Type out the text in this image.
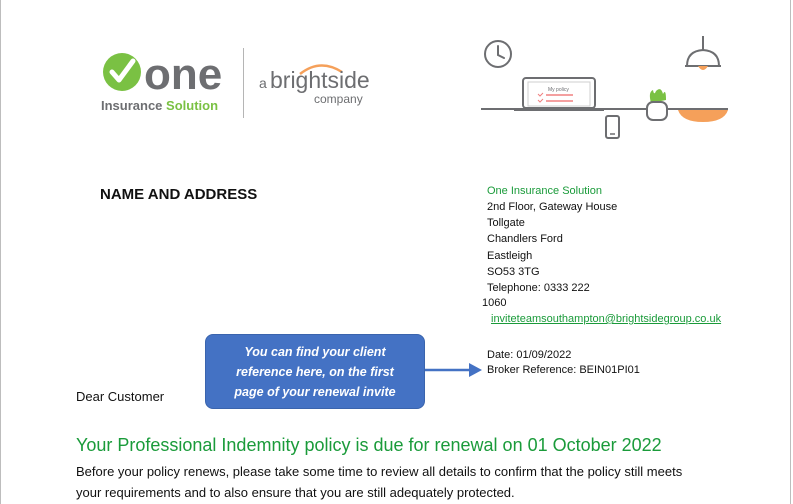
one
Insurance Solution
a brightside
company
My policy
NAME AND ADDRESS	One Insurance Solution
2nd Floor, Gateway House
Tollgate
Chandlers Ford
Eastleigh
SO53 3TG
Telephone: 0333 222
1060
inviteteamsouthampton@brightsidegroup.co.uk
Date: 01/09/2022
Broker Reference: BEIN01PI01
You can find your client
reference here, on the first
page of your renewal invite
Dear Customer
Your Professional Indemnity policy is due for renewal on 01 October 2022
Before your policy renews, please take some time to review all details to confirm that the policy still meets
your requirements and to also ensure that you are still adequately protected.
